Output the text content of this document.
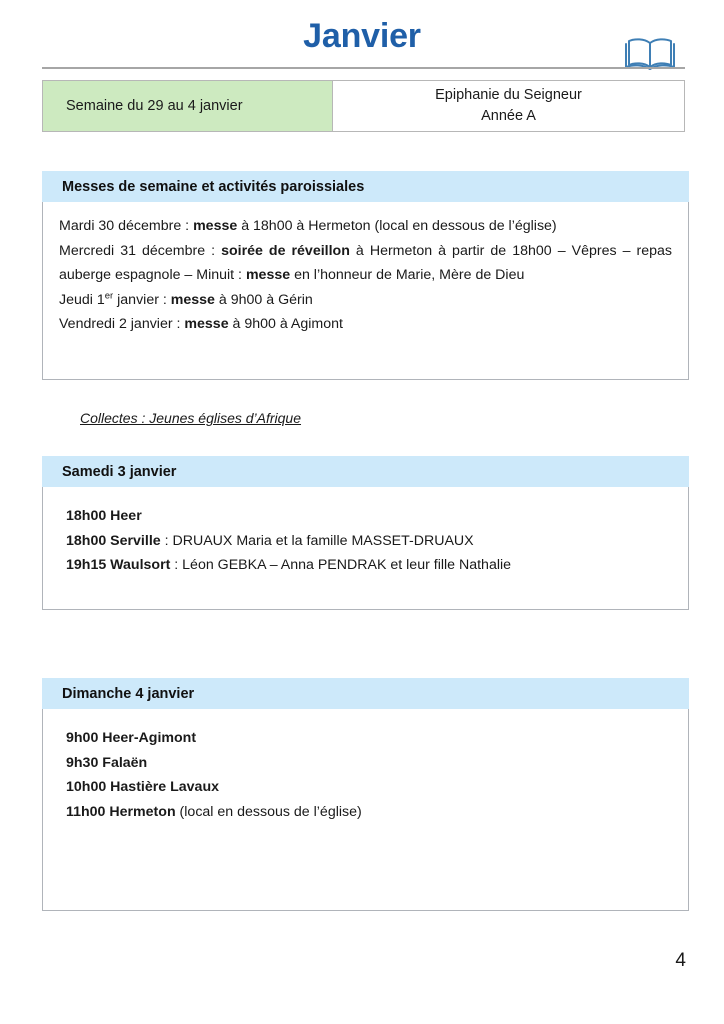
Janvier
Semaine du 29 au 4 janvier
Epiphanie du Seigneur
Année A
Messes de semaine et activités paroissiales

Mardi 30 décembre : messe à 18h00 à Hermeton (local en dessous de l’église)

Mercredi 31 décembre : soirée de réveillon à Hermeton à partir de 18h00 – Vêpres – repas auberge espagnole – Minuit : messe en l’honneur de Marie, Mère de Dieu

Jeudi 1er janvier : messe à 9h00 à Gérin

Vendredi 2 janvier : messe à 9h00 à Agimont

Collectes : Jeunes églises d’Afrique
Samedi 3 janvier

18h00 Heer

18h00 Serville : DRUAUX Maria et la famille MASSET-DRUAUX

19h15 Waulsort : Léon GEBKA – Anna PENDRAK et leur fille Nathalie

Dimanche 4 janvier

9h00 Heer-Agimont

9h30 Falaën

10h00 Hastière Lavaux

11h00 Hermeton (local en dessous de l’église)

4
